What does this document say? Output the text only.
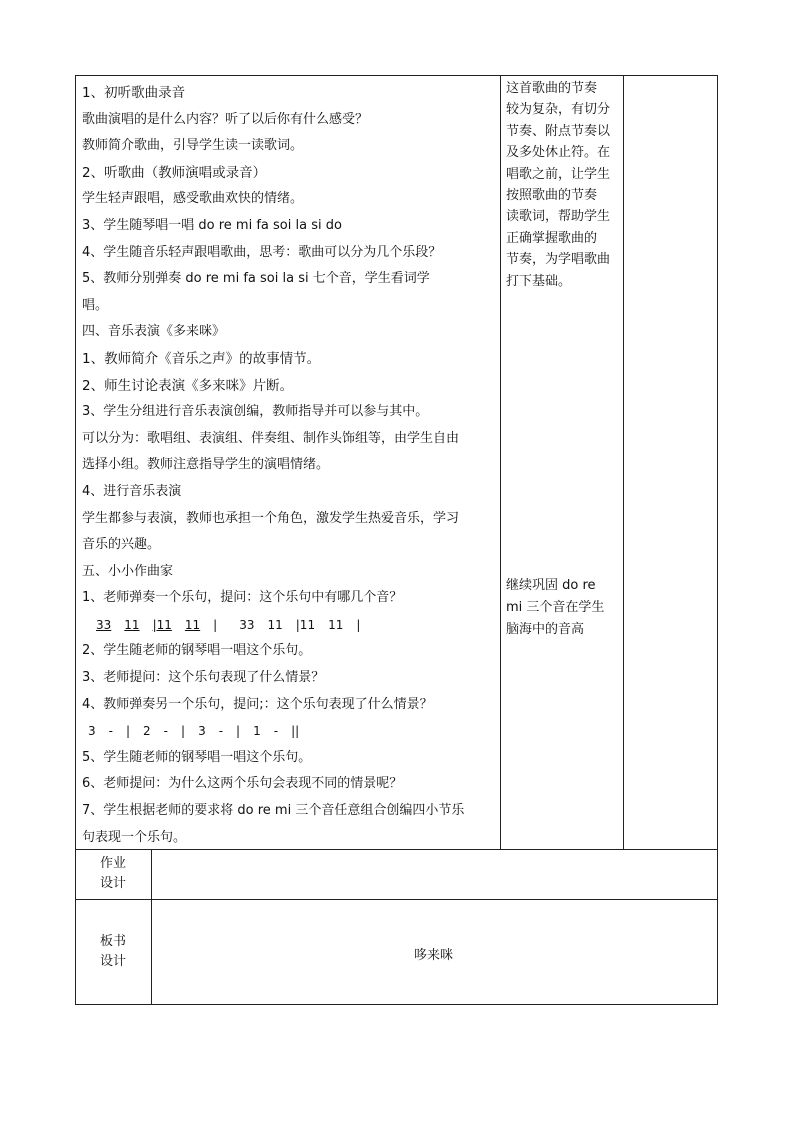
1、初听歌曲录音
歌曲演唱的是什么内容？听了以后你有什么感受？
教师简介歌曲，引导学生读一读歌词。
2、听歌曲（教师演唱或录音）
学生轻声跟唱，感受歌曲欢快的情绪。
3、学生随琴唱一唱 do re mi fa soi la si do
4、学生随音乐轻声跟唱歌曲，思考：歌曲可以分为几个乐段？
5、教师分别弹奏 do re mi fa soi la si 七个音，学生看词学
唱。
四、音乐表演《多来咪》
1、教师简介《音乐之声》的故事情节。
2、师生讨论表演《多来咪》片断。
3、学生分组进行音乐表演创编，教师指导并可以参与其中。
可以分为：歌唱组、表演组、伴奏组、制作头饰组等，由学生自由
选择小组。教师注意指导学生的演唱情绪。
4、进行音乐表演
学生都参与表演，教师也承担一个角色，激发学生热爱音乐，学习
音乐的兴趣。
五、小小作曲家
1、老师弹奏一个乐句，提问：这个乐句中有哪几个音？
33 11 |11 11 | 33 11 |11 11 |
2、学生随老师的钢琴唱一唱这个乐句。
3、老师提问：这个乐句表现了什么情景？
4、教师弹奏另一个乐句，提问;：这个乐句表现了什么情景？
3 - | 2 - | 3 - | 1 - ||
5、学生随老师的钢琴唱一唱这个乐句。
6、老师提问：为什么这两个乐句会表现不同的情景呢？
7、学生根据老师的要求将 do re mi 三个音任意组合创编四小节乐
句表现一个乐句。
这首歌曲的节奏
较为复杂，有切分
节奏、附点节奏以
及多处休止符。在
唱歌之前，让学生
按照歌曲的节奏
读歌词，帮助学生
正确掌握歌曲的
节奏，为学唱歌曲
打下基础。
继续巩固 do re
mi 三个音在学生
脑海中的音高
作业
设计
板书
设计	哆来咪
